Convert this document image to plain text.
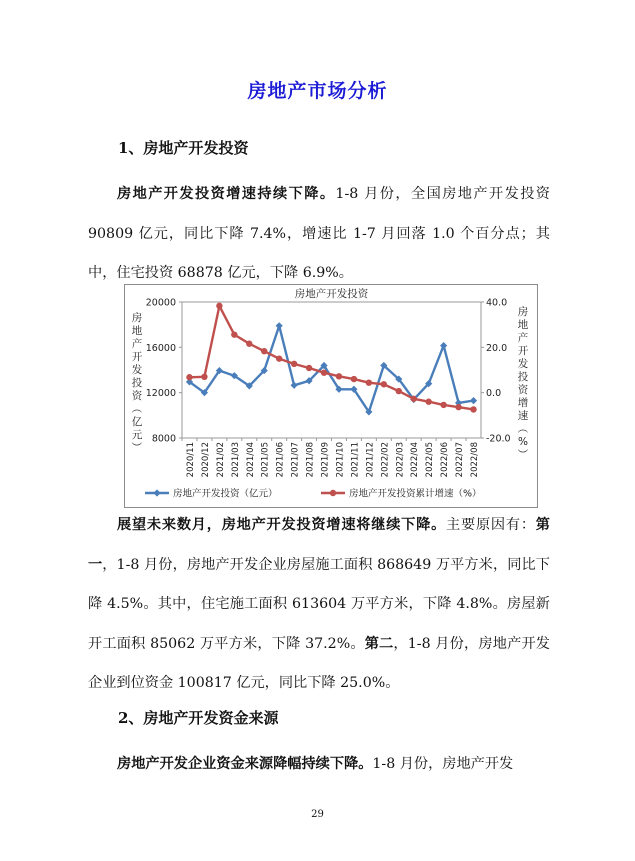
房地产市场分析
1、房地产开发投资

房地产开发投资增速持续下降。1-8 月份，全国房地产开发投资 90809 亿元，同比下降 7.4%，增速比 1-7 月回落 1.0 个百分点；其中，住宅投资 68878 亿元，下降 6.9%。

房地产开发投资
20000
16000
12000
8000
40.0
20.0
0.0
-20.0
房
地
产
开
发
投
资
（
亿
元
）
房
地
产
开
发
投
资
增
速
（
%
）
2020/11 2020/12 2021/02 2021/03 2021/04 2021/05 2021/06 2021/07 2021/08 2021/09 2021/10 2021/11 2021/12 2022/02 2022/03 2022/04 2022/05 2022/06 2022/07 2022/08
房地产开发投资（亿元）	房地产开发投资累计增速（%）

展望未来数月，房地产开发投资增速将继续下降。主要原因有：第一，1-8 月份，房地产开发企业房屋施工面积 868649 万平方米，同比下降 4.5%。其中，住宅施工面积 613604 万平方米，下降 4.8%。房屋新开工面积 85062 万平方米，下降 37.2%。第二，1-8 月份，房地产开发企业到位资金 100817 亿元，同比下降 25.0%。

2、房地产开发资金来源

房地产开发企业资金来源降幅持续下降。1-8 月份，房地产开发

29
